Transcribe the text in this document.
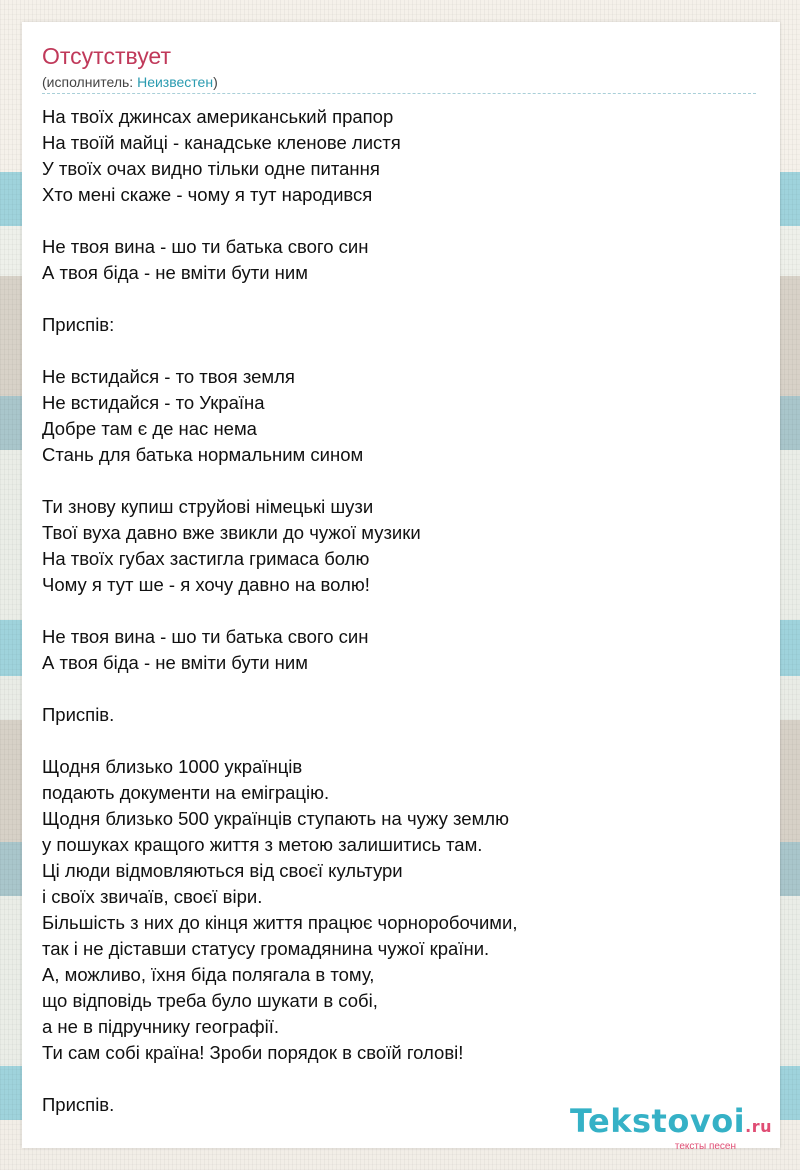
Отсутствует
(исполнитель: Неизвестен)
На твоїх джинсах американський прапор
На твоїй майці - канадське кленове листя
У твоїх очах видно тільки одне питання
Хто мені скаже - чому я тут народився
Не твоя вина - шо ти батька свого син
А твоя біда - не вміти бути ним
Приспів:
Не встидайся - то твоя земля
Не встидайся - то Україна
Добре там є де нас нема
Стань для батька нормальним сином
Ти знову купиш струйові німецькі шузи
Твої вуха давно вже звикли до чужої музики
На твоїх губах застигла гримаса болю
Чому я тут ше - я хочу давно на волю!
Не твоя вина - шо ти батька свого син
А твоя біда - не вміти бути ним
Приспів.
Щодня близько 1000 українців
подають документи на еміграцію.
Щодня близько 500 українців ступають на чужу землю
у пошуках кращого життя з метою залишитись там.
Ці люди відмовляються від своєї культури
і своїх звичаїв, своєї віри.
Більшість з них до кінця життя працює чорноробочими,
так і не діставши статусу громадянина чужої країни.
А, можливо, їхня біда полягала в тому,
що відповідь треба було шукати в собі,
а не в підручнику географії.
Ти сам собі країна! Зроби порядок в своїй голові!
Приспів.	Tekstovoi.ru
тексты песен
